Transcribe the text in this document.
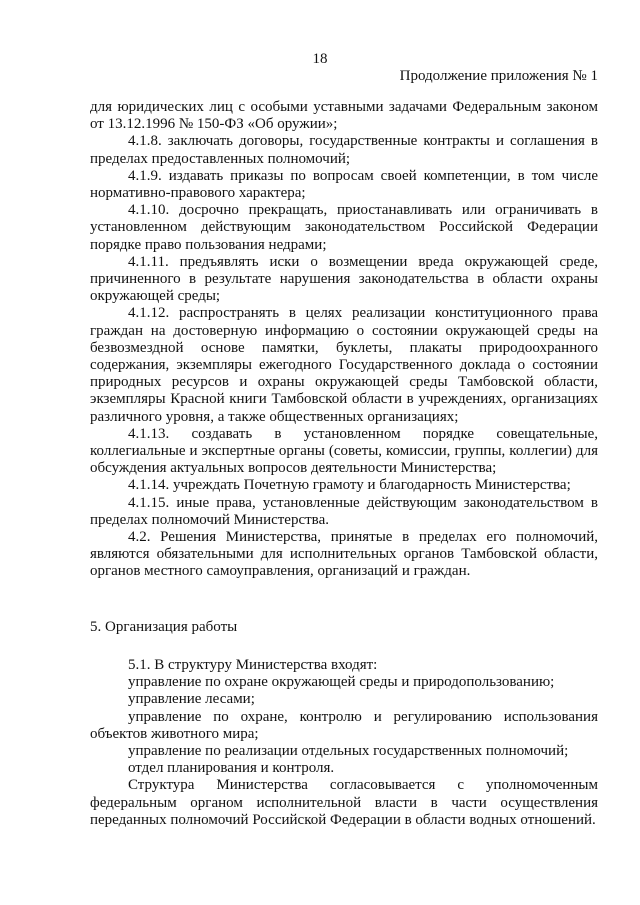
18
Продолжение приложения № 1

для юридических лиц с особыми уставными задачами Федеральным законом от 13.12.1996 № 150-ФЗ «Об оружии»;

4.1.8. заключать договоры, государственные контракты и соглашения в пределах предоставленных полномочий;

4.1.9. издавать приказы по вопросам своей компетенции, в том числе нормативно-правового характера;

4.1.10. досрочно прекращать, приостанавливать или ограничивать в установленном действующим законодательством Российской Федерации порядке право пользования недрами;

4.1.11. предъявлять иски о возмещении вреда окружающей среде, причиненного в результате нарушения законодательства в области охраны окружающей среды;

4.1.12. распространять в целях реализации конституционного права граждан на достоверную информацию о состоянии окружающей среды на безвозмездной основе памятки, буклеты, плакаты природоохранного содержания, экземпляры ежегодного Государственного доклада о состоянии природных ресурсов и охраны окружающей среды Тамбовской области, экземпляры Красной книги Тамбовской области в учреждениях, организациях различного уровня, а также общественных организациях;

4.1.13. создавать в установленном порядке совещательные, коллегиальные и экспертные органы (советы, комиссии, группы, коллегии) для обсуждения актуальных вопросов деятельности Министерства;

4.1.14. учреждать Почетную грамоту и благодарность Министерства;

4.1.15. иные права, установленные действующим законодательством в пределах полномочий Министерства.

4.2. Решения Министерства, принятые в пределах его полномочий, являются обязательными для исполнительных органов Тамбовской области, органов местного самоуправления, организаций и граждан.

5. Организация работы

5.1. В структуру Министерства входят:

управление по охране окружающей среды и природопользованию;

управление лесами;

управление по охране, контролю и регулированию использования объектов животного мира;

управление по реализации отдельных государственных полномочий;

отдел планирования и контроля.

Структура Министерства согласовывается с уполномоченным федеральным органом исполнительной власти в части осуществления переданных полномочий Российской Федерации в области водных отношений.
